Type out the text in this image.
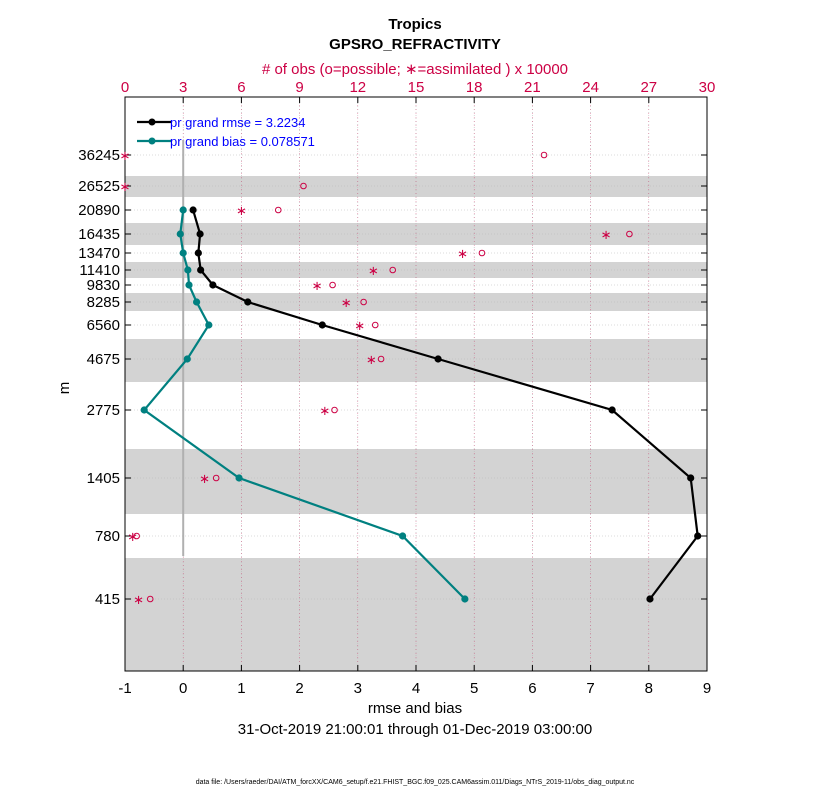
-1	0	1	2	3	4	5	6	7	8	9
0	3	6	9	12	15	18	21	24	27	30
36245
26525
20890
16435
13470
11410
9830
8285
6560
4675
2775
1405
780
415
∗
∗
∗
∗
∗
∗
∗
∗
∗
∗
∗
∗
∗
∗
Tropics
GPSRO_REFRACTIVITY
# of obs (o=possible; ∗=assimilated ) x 10000
rmse and bias
31-Oct-2019 21:00:01 through 01-Dec-2019 03:00:00
m
data file: /Users/raeder/DAI/ATM_forcXX/CAM6_setup/f.e21.FHIST_BGC.f09_025.CAM6assim.011/Diags_NTrS_2019-11/obs_diag_output.nc
pr grand rmse = 3.2234
pr grand bias = 0.078571
